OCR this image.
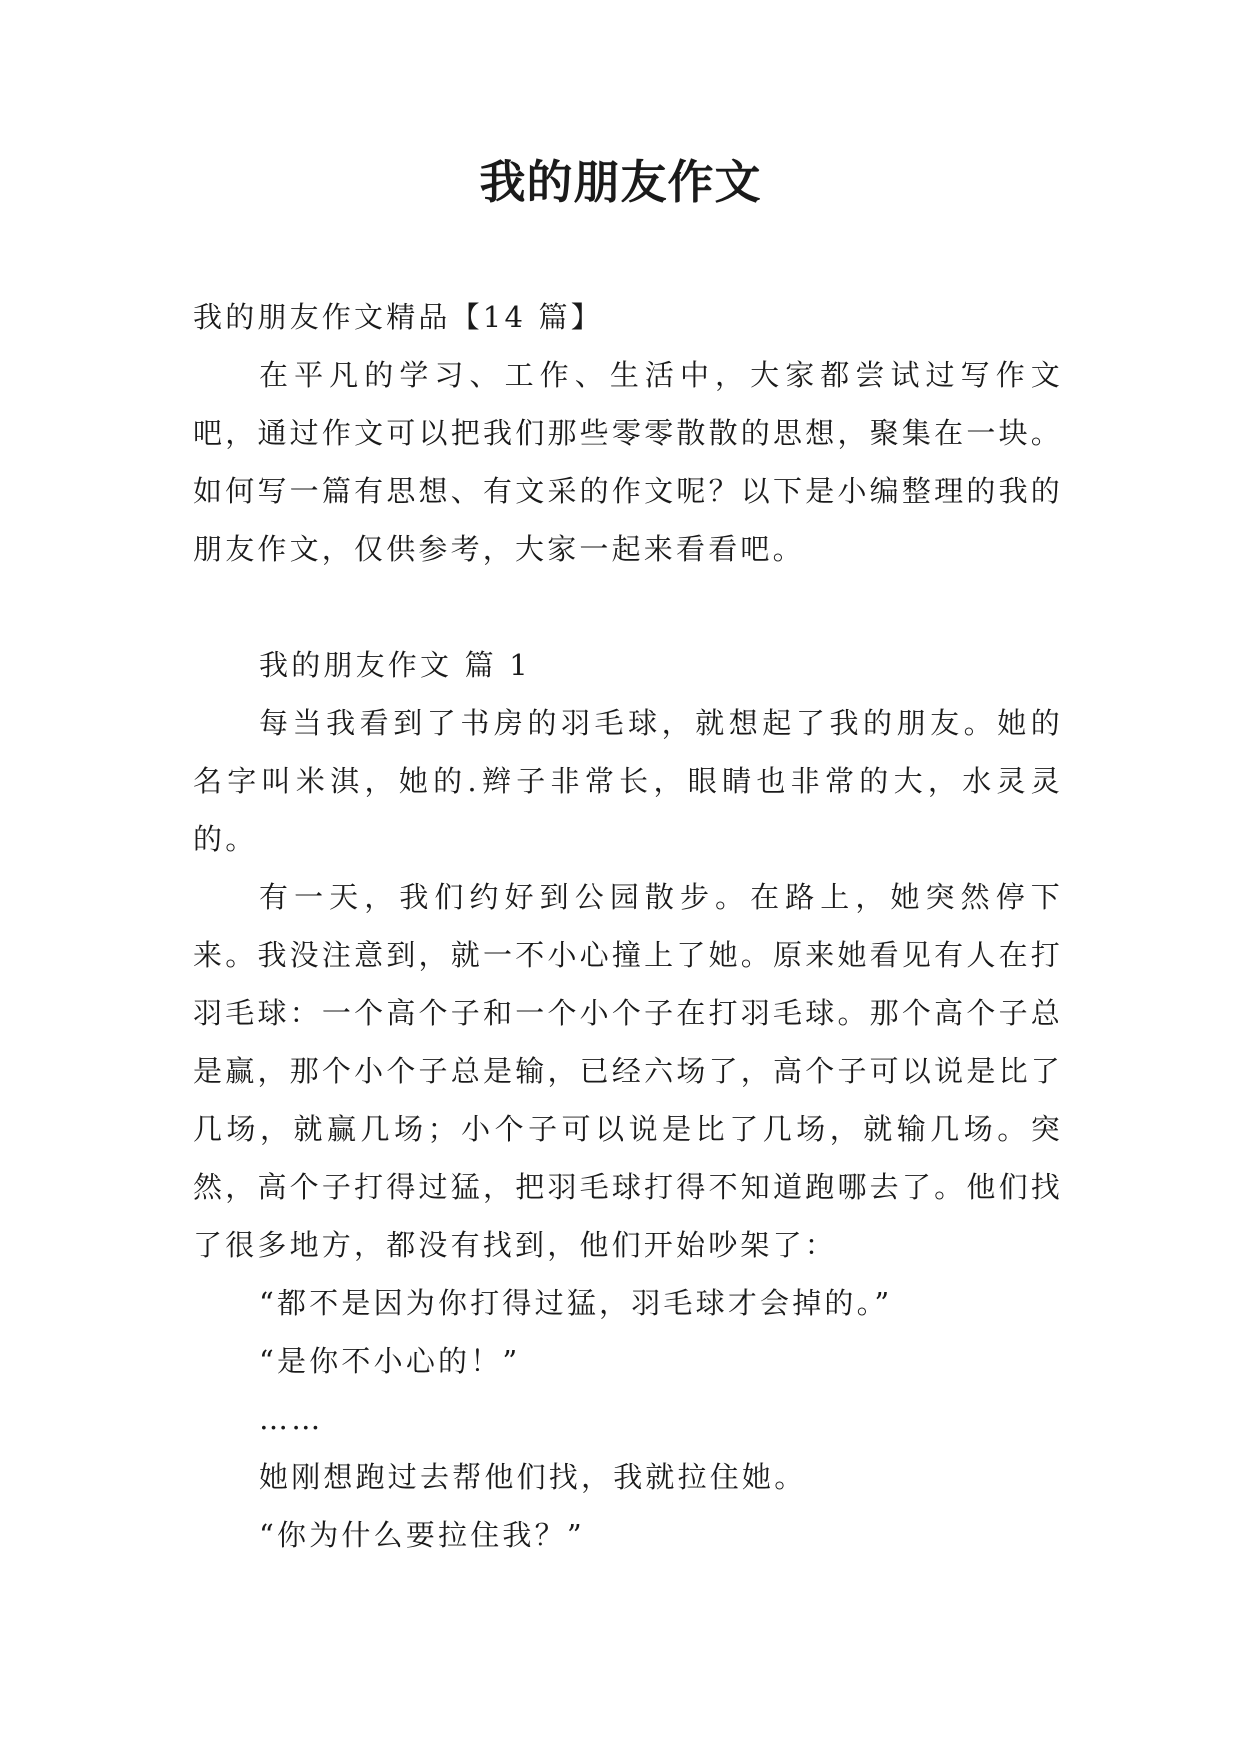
我的朋友作文

我的朋友作文精品【14 篇】

在平凡的学习、工作、生活中，大家都尝试过写作文吧，通过作文可以把我们那些零零散散的思想，聚集在一块。如何写一篇有思想、有文采的作文呢？以下是小编整理的我的朋友作文，仅供参考，大家一起来看看吧。

我的朋友作文 篇 1

每当我看到了书房的羽毛球，就想起了我的朋友。她的名字叫米淇，她的.辫子非常长，眼睛也非常的大，水灵灵的。

有一天，我们约好到公园散步。在路上，她突然停下来。我没注意到，就一不小心撞上了她。原来她看见有人在打羽毛球：一个高个子和一个小个子在打羽毛球。那个高个子总是赢，那个小个子总是输，已经六场了，高个子可以说是比了几场，就赢几场；小个子可以说是比了几场，就输几场。突然，高个子打得过猛，把羽毛球打得不知道跑哪去了。他们找了很多地方，都没有找到，他们开始吵架了：

“都不是因为你打得过猛，羽毛球才会掉的。”

“是你不小心的！”

……

她刚想跑过去帮他们找，我就拉住她。

“你为什么要拉住我？”
